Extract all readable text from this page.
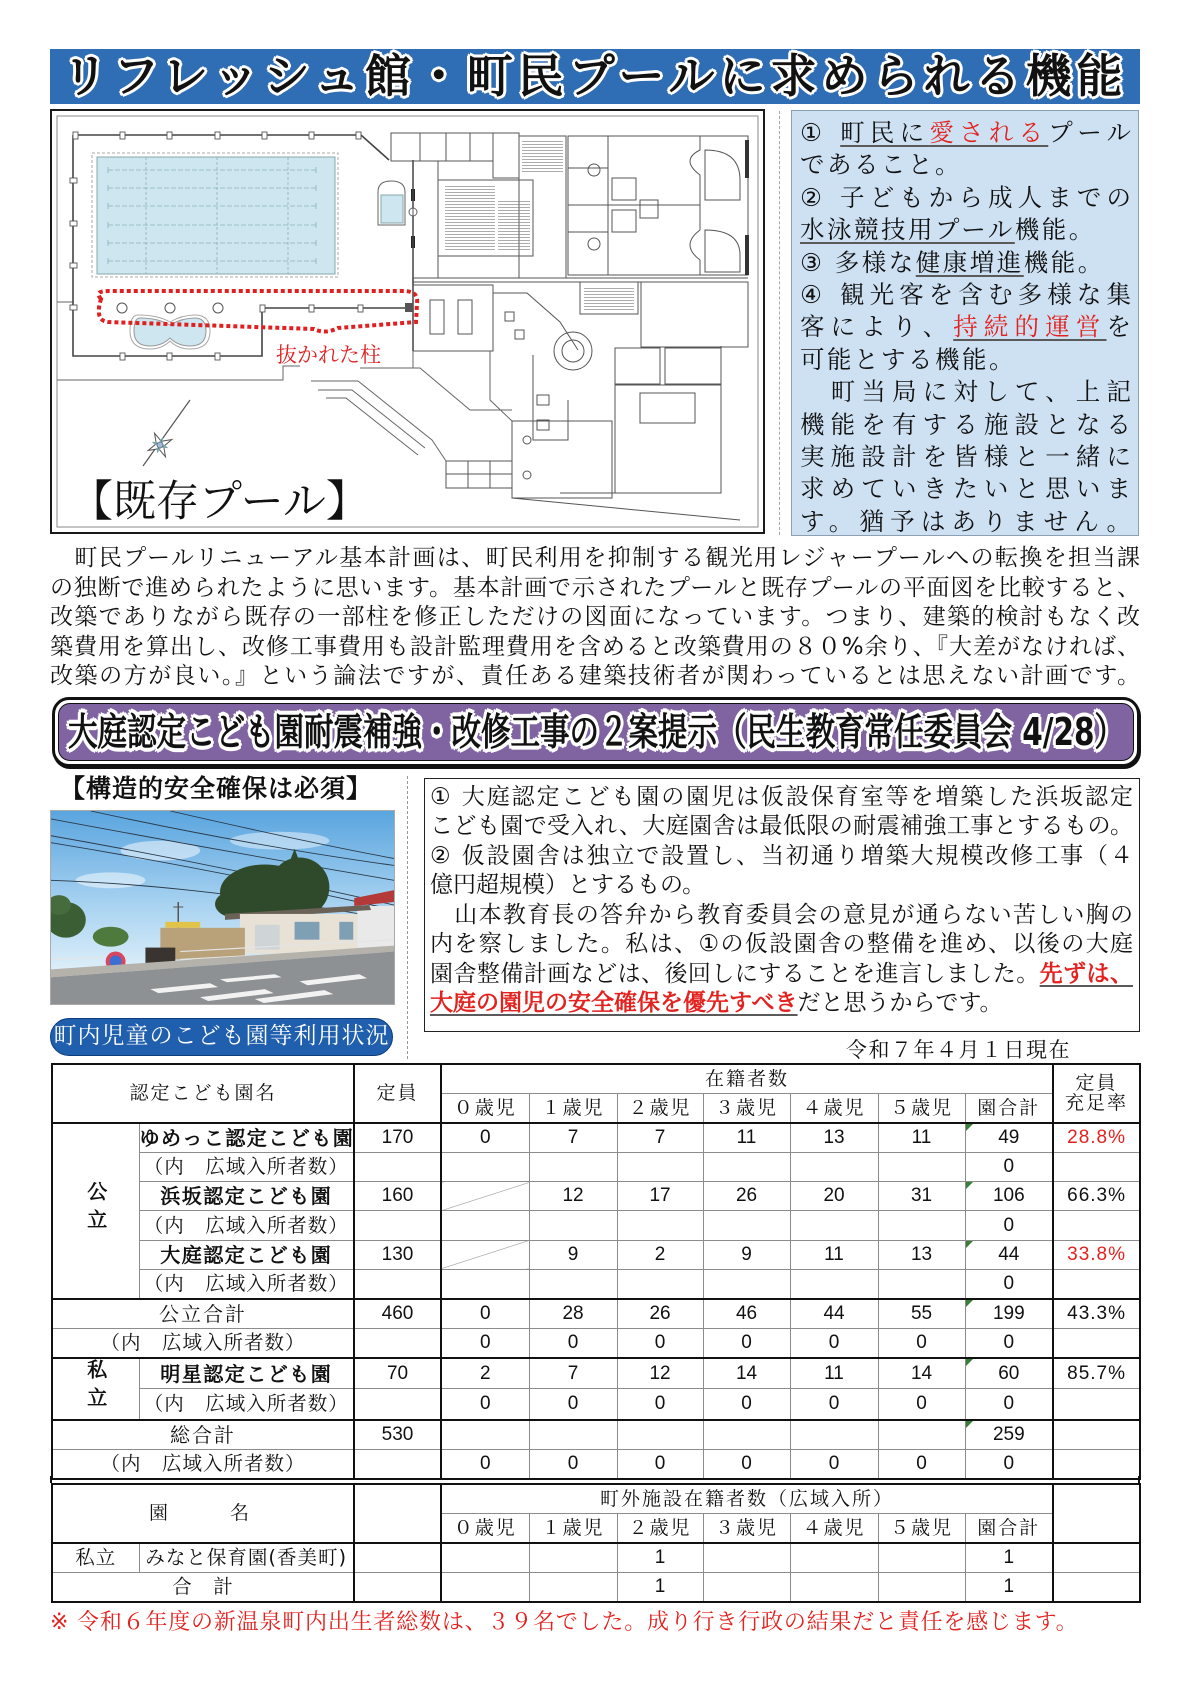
リフレッシュ館・町民プールに求められる機能
抜かれた柱
【既存プール】
① 町民に愛されるプール
であること。
② 子どもから成人までの
水泳競技用プール機能。
③ 多様な健康増進機能。
④ 観光客を含む多様な集
客により、持続的運営を
可能とする機能。
　町当局に対して、上記
機能を有する施設となる
実施設計を皆様と一緒に
求めていきたいと思いま
す。猶予はありません。
　町民プールリニューアル基本計画は、町民利用を抑制する観光用レジャープールへの転換を担当課
の独断で進められたように思います。基本計画で示されたプールと既存プールの平面図を比較すると、
改築でありながら既存の一部柱を修正しただけの図面になっています。つまり、建築的検討もなく改
築費用を算出し、改修工事費用も設計監理費用を含めると改築費用の８０%余り、『大差がなければ、
改築の方が良い。』という論法ですが、責任ある建築技術者が関わっているとは思えない計画です。
大庭認定こども園耐震補強・改修工事の２案提示（民生教育常任委員会 4/28）
【構造的安全確保は必須】
町内児童のこども園等利用状況
① 大庭認定こども園の園児は仮設保育室等を増築した浜坂認定
こども園で受入れ、大庭園舎は最低限の耐震補強工事とするもの。
② 仮設園舎は独立で設置し、当初通り増築大規模改修工事（４
億円超規模）とするもの。
　山本教育長の答弁から教育委員会の意見が通らない苦しい胸の
内を察しました。私は、①の仮設園舎の整備を進め、以後の大庭
園舎整備計画などは、後回しにすることを進言しました。先ずは、
大庭の園児の安全確保を優先すべきだと思うからです。
令和７年４月１日現在
認定こども園名		定員	在籍者数							定員
充足率
			０歳児	１歳児	２歳児	３歳児	４歳児	５歳児	園合計	
公立	ゆめっこ認定こども園	170	0	7	7	11	13	11	49	28.8%
	（内　広域入所者数）								0	
	浜坂認定こども園	160		12	17	26	20	31	106	66.3%
	（内　広域入所者数）								0	
	大庭認定こども園	130		9	2	9	11	13	44	33.8%
	（内　広域入所者数）								0	
公立合計		460	0	28	26	46	44	55	199	43.3%
（内　広域入所者数）			0	0	0	0	0	0	0	
私立	明星認定こども園	70	2	7	12	14	11	14	60	85.7%
	（内　広域入所者数）		0	0	0	0	0	0	0	
総合計		530							259	
（内　広域入所者数）			0	0	0	0	0	0	0	
園　　名			町外施設在籍者数（広域入所）							
			０歳児	１歳児	２歳児	３歳児	４歳児	５歳児	園合計	
私立	みなと保育園(香美町)				1				1	
合　計					1				1	
※ 令和６年度の新温泉町内出生者総数は、３９名でした。成り行き行政の結果だと責任を感じます。
